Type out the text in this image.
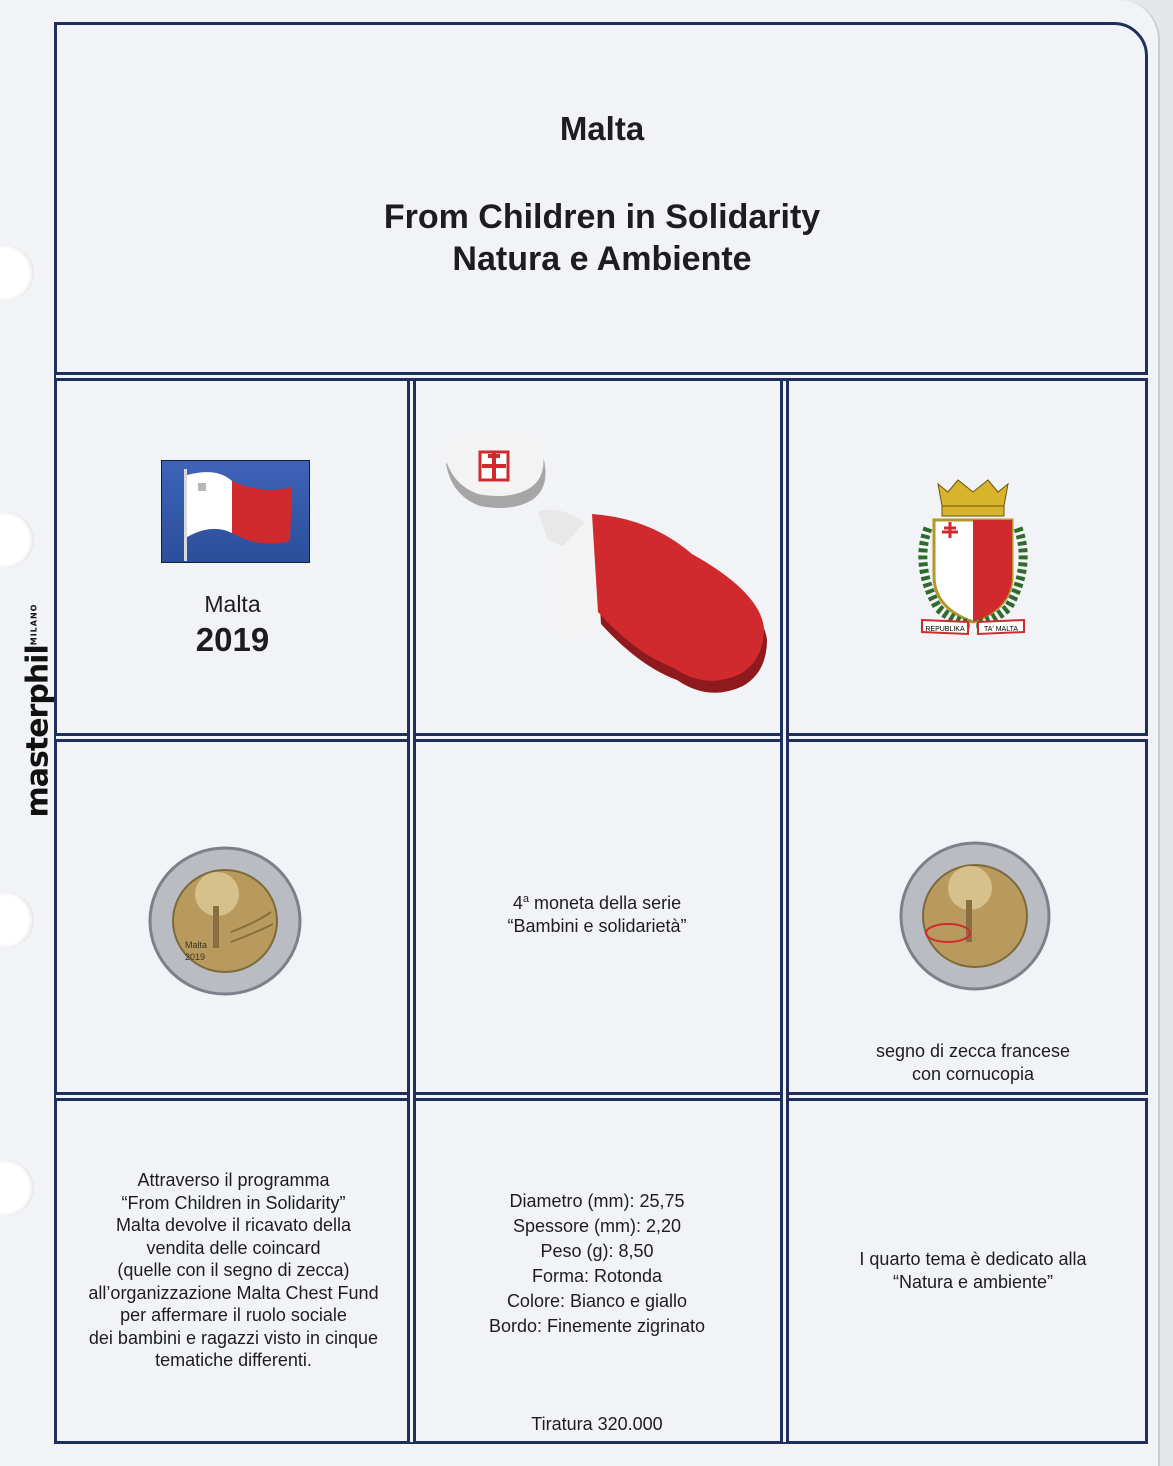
masterphil$^{MILANO}$
Malta
From Children in Solidarity
Natura e Ambiente
Malta
2019	REPUBLIKA	TA' MALTA
Malta
2019
4$^a$ moneta della serie
“Bambini e solidarietà”
segno di zecca francese
con cornucopia
Attraverso il programma
“From Children in Solidarity”
Malta devolve il ricavato della
vendita delle coincard
(quelle con il segno di zecca)
all’organizzazione Malta Chest Fund
per affermare il ruolo sociale
dei bambini e ragazzi visto in cinque
tematiche differenti.
Diametro (mm): 25,75
Spessore (mm): 2,20
Peso (g): 8,50
Forma: Rotonda
Colore: Bianco e giallo
Bordo: Finemente zigrinato
Tiratura 320.000
I quarto tema è dedicato alla
“Natura e ambiente”
